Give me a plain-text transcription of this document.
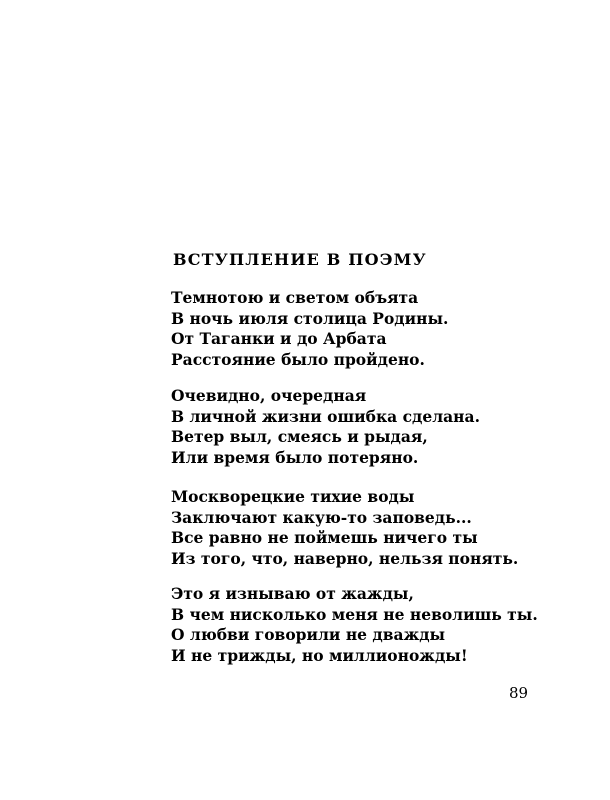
ВСТУПЛЕНИЕ В ПОЭМУ
Темнотою и светом объята
В ночь июля столица Родины.
От Таганки и до Арбата
Расстояние было пройдено.
Очевидно, очередная
В личной жизни ошибка сделана.
Ветер выл, смеясь и рыдая,
Или время было потеряно.
Москворецкие тихие воды
Заключают какую-то заповедь...
Все равно не поймешь ничего ты
Из того, что, наверно, нельзя понять.
Это я изнываю от жажды,
В чем нисколько меня не неволишь ты.
О любви говорили не дважды
И не трижды, но миллионожды!
89
